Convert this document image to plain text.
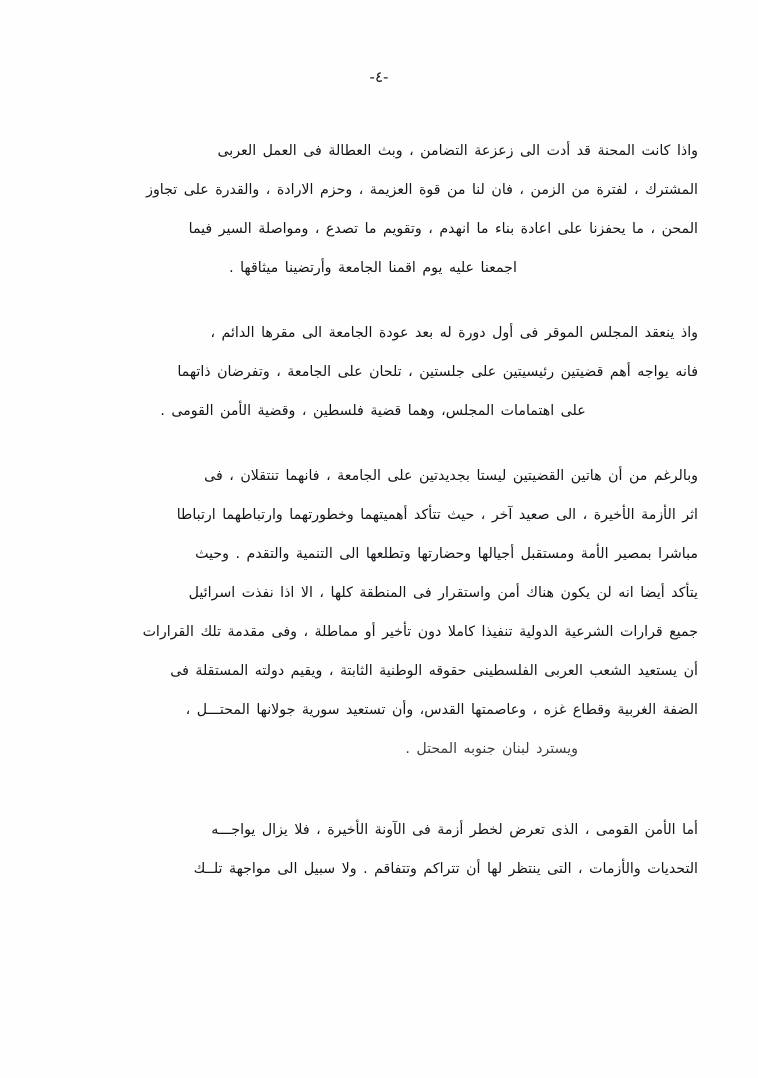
-٤-

واذا كانت المحنة قد أدت الى زعزعة التضامن ، وبث العطالة فى العمل العربى
المشترك ، لفترة من الزمن ، فان لنا من قوة العزيمة ، وحزم الارادة ، والقدرة على تجاوز
المحن ، ما يحفزنا على اعادة بناء ما انهدم ، وتقويم ما تصدع ، ومواصلة السير فيما
اجمعنا عليه يوم اقمنا الجامعة وأرتضينا ميثاقها .

واذ ينعقد المجلس الموقر فى أول دورة له بعد عودة الجامعة الى مقرها الدائم ،
فانه يواجه أهم قضيتين رئيسيتين على جلستين ، تلحان على الجامعة ، وتفرضان ذاتهما
على اهتمامات المجلس، وهما قضية فلسطين ، وقضية الأمن القومى .

وبالرغم من أن هاتين القضيتين ليستا بجديدتين على الجامعة ، فانهما تنتقلان ، فى
اثر الأزمة الأخيرة ، الى صعيد آخر ، حيث تتأكد أهميتهما وخطورتهما وارتباطهما ارتباطا
مباشرا بمصير الأمة ومستقبل أجيالها وحضارتها وتطلعها الى التنمية والتقدم . وحيث
يتأكد أيضا انه لن يكون هناك أمن واستقرار فى المنطقة كلها ، الا اذا نفذت اسرائيل
جميع قرارات الشرعية الدولية تنفيذا كاملا دون تأخير أو مماطلة ، وفى مقدمة تلك القرارات
أن يستعيد الشعب العربى الفلسطينى حقوقه الوطنية الثابتة ، ويقيم دولته المستقلة فى
الضفة الغربية وقطاع غزه ، وعاصمتها القدس، وأن تستعيد سورية جولانها المحتـــل ،
ويسترد لبنان جنوبه المحتل .

أما الأمن القومى ، الذى تعرض لخطر أزمة فى الآونة الأخيرة ، فلا يزال يواجـــه
التحديات والأزمات ، التى ينتظر لها أن تتراكم وتتفاقم . ولا سبيل الى مواجهة تلــك
